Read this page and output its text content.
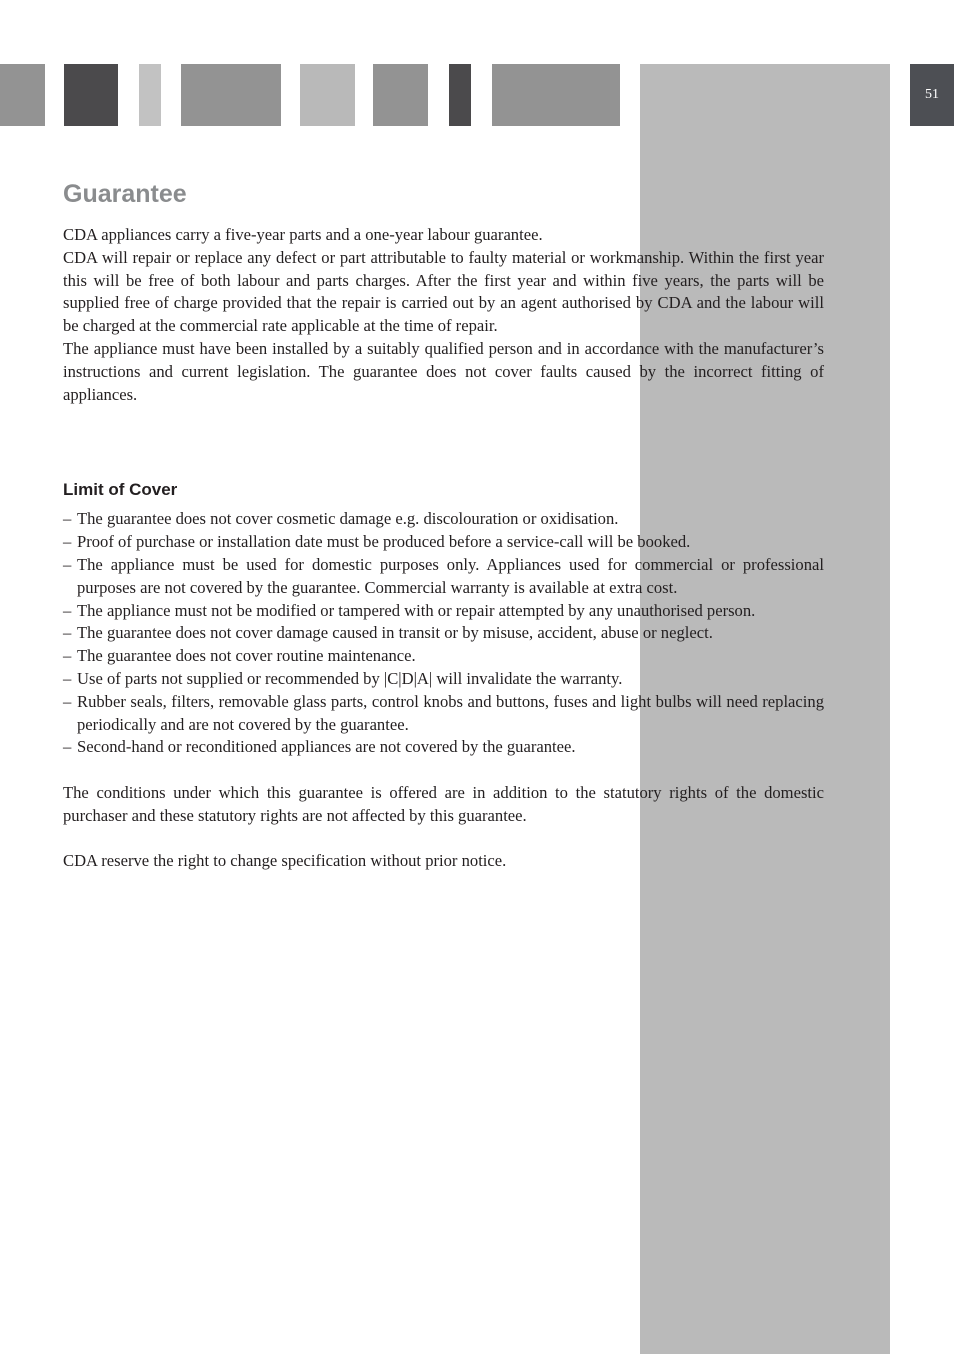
51
Guarantee

CDA appliances carry a five-year parts and a one-year labour guarantee.

CDA will repair or replace any defect or part attributable to faulty material or workmanship. Within the first year this will be free of both labour and parts charges. After the first year and within five years, the parts will be supplied free of charge provided that the repair is carried out by an agent authorised by CDA and the labour will be charged at the commercial rate applicable at the time of repair.

The appliance must have been installed by a suitably qualified person and in accordance with the manufacturer’s instructions and current legislation. The guarantee does not cover faults caused by the incorrect fitting of appliances.

Limit of Cover
– The guarantee does not cover cosmetic damage e.g. discolouration or oxidisation.
– Proof of purchase or installation date must be produced before a service-call will be booked.
– The appliance must be used for domestic purposes only. Appliances used for commercial or professional purposes are not covered by the guarantee. Commercial warranty is available at extra cost.
– The appliance must not be modified or tampered with or repair attempted by any unauthorised person.
– The guarantee does not cover damage caused in transit or by misuse, accident, abuse or neglect.
– The guarantee does not cover routine maintenance.
– Use of parts not supplied or recommended by |C|D|A| will invalidate the warranty.
– Rubber seals, filters, removable glass parts, control knobs and buttons, fuses and light bulbs will need replacing periodically and are not covered by the guarantee.
– Second-hand or reconditioned appliances are not covered by the guarantee.

The conditions under which this guarantee is offered are in addition to the statutory rights of the domestic purchaser and these statutory rights are not affected by this guarantee.

CDA reserve the right to change specification without prior notice.
